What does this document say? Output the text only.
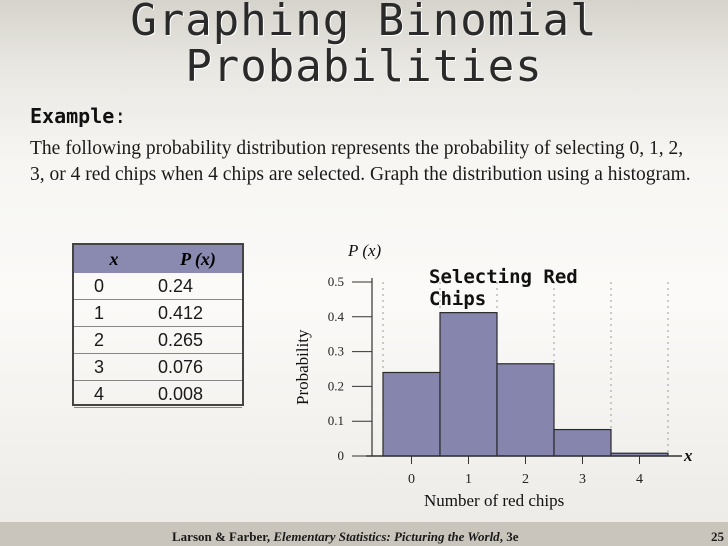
Graphing Binomial Probabilities
Example:
The following probability distribution represents the probability of selecting 0, 1, 2, 3, or 4 red chips when 4 chips are selected. Graph the distribution using a histogram.
x	P (x)
0	0.24
1	0.412
2	0.265
3	0.076
4	0.008
0
0.1
0.2
0.3
0.4
0.5
0	1	2	3	4
P (x)
Probability
Number of red chips
x
Selecting Red Chips
Larson & Farber, Elementary Statistics: Picturing the World, 3e	25
